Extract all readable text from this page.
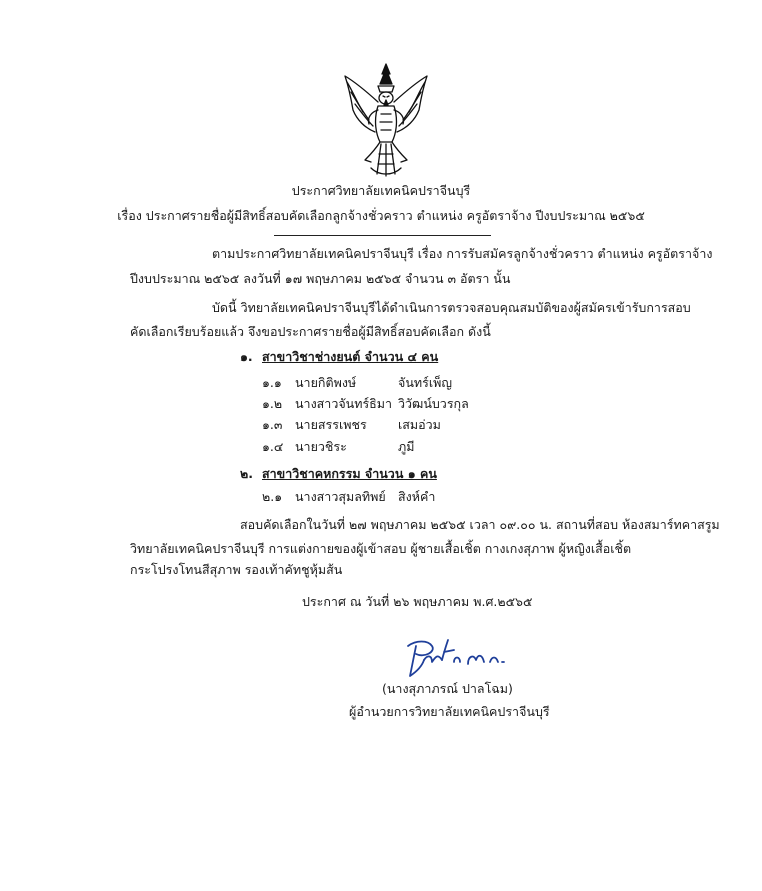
ประกาศวิทยาลัยเทคนิคปราจีนบุรี
เรื่อง ประกาศรายชื่อผู้มีสิทธิ์สอบคัดเลือกลูกจ้างชั่วคราว ตำแหน่ง ครูอัตราจ้าง ปีงบประมาณ ๒๕๖๕
ตามประกาศวิทยาลัยเทคนิคปราจีนบุรี เรื่อง การรับสมัครลูกจ้างชั่วคราว ตำแหน่ง ครูอัตราจ้าง
ปีงบประมาณ ๒๕๖๕ ลงวันที่ ๑๗ พฤษภาคม ๒๕๖๕ จำนวน ๓ อัตรา นั้น
บัดนี้ วิทยาลัยเทคนิคปราจีนบุรีได้ดำเนินการตรวจสอบคุณสมบัติของผู้สมัครเข้ารับการสอบ
คัดเลือกเรียบร้อยแล้ว จึงขอประกาศรายชื่อผู้มีสิทธิ์สอบคัดเลือก ดังนี้
๑. สาขาวิชาช่างยนต์ จำนวน ๔ คน
๑.๑ นายกิติพงษ์	จันทร์เพ็ญ
๑.๒ นางสาวจันทร์ธิมา วิวัฒน์บวรกุล
๑.๓ นายสรรเพชร	เสมอ่วม
๑.๔ นายวชิระ	ภูมี
๒. สาขาวิชาคหกรรม จำนวน ๑ คน
๒.๑ นางสาวสุมลทิพย์ สิงห์คำ
สอบคัดเลือกในวันที่ ๒๗ พฤษภาคม ๒๕๖๕ เวลา ๐๙.๐๐ น. สถานที่สอบ ห้องสมาร์ทคาสรูม
วิทยาลัยเทคนิคปราจีนบุรี การแต่งกายของผู้เข้าสอบ ผู้ชายเสื้อเชิ้ต กางเกงสุภาพ ผู้หญิงเสื้อเชิ้ต
กระโปรงโทนสีสุภาพ รองเท้าคัทชูหุ้มส้น
ประกาศ ณ วันที่ ๒๖ พฤษภาคม พ.ศ.๒๕๖๕
(นางสุภาภรณ์ ปาลโฉม)
ผู้อำนวยการวิทยาลัยเทคนิคปราจีนบุรี
